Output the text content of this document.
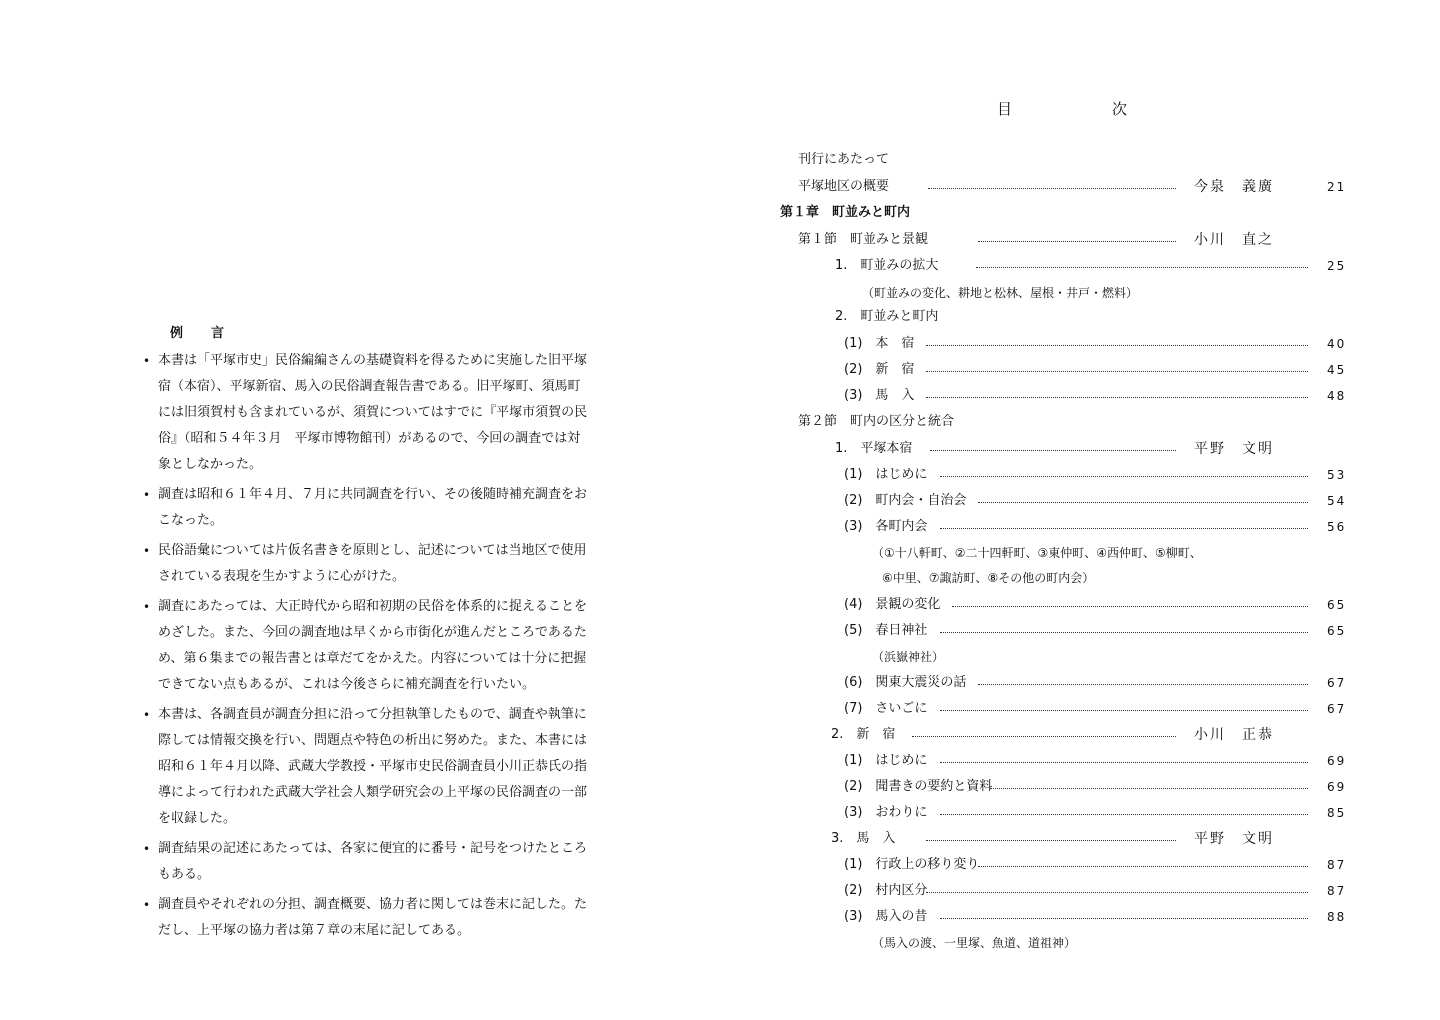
例 言
• 本書は「平塚市史」民俗編編さんの基礎資料を得るために実施した旧平塚
宿（本宿）、平塚新宿、馬入の民俗調査報告書である。旧平塚町、須馬町
には旧須賀村も含まれているが、須賀についてはすでに『平塚市須賀の民
俗』（昭和５４年３月　平塚市博物館刊）があるので、今回の調査では対
象としなかった。
• 調査は昭和６１年４月、７月に共同調査を行い、その後随時補充調査をお
こなった。
• 民俗語彙については片仮名書きを原則とし、記述については当地区で使用
されている表現を生かすように心がけた。
• 調査にあたっては、大正時代から昭和初期の民俗を体系的に捉えることを
めざした。また、今回の調査地は早くから市街化が進んだところであるた
め、第６集までの報告書とは章だてをかえた。内容については十分に把握
できてない点もあるが、これは今後さらに補充調査を行いたい。
• 本書は、各調査員が調査分担に沿って分担執筆したもので、調査や執筆に
際しては情報交換を行い、問題点や特色の析出に努めた。また、本書には
昭和６１年４月以降、武蔵大学教授・平塚市史民俗調査員小川正恭氏の指
導によって行われた武蔵大学社会人類学研究会の上平塚の民俗調査の一部
を収録した。
• 調査結果の記述にあたっては、各家に便宜的に番号・記号をつけたところ
もある。
• 調査員やそれぞれの分担、調査概要、協力者に関しては巻末に記した。た
だし、上平塚の協力者は第７章の末尾に記してある。
目	次
刊行にあたって
平塚地区の概要	今泉　義廣	21
第１章　町並みと町内
第１節　町並みと景観	小川　直之
1.　町並みの拡大	25
（町並みの変化、耕地と松林、屋根・井戸・燃料）
2.　町並みと町内
(1)　本　宿	40
(2)　新　宿	45
(3)　馬　入	48
第２節　町内の区分と統合
1.　平塚本宿	平野　文明
(1)　はじめに	53
(2)　町内会・自治会	54
(3)　各町内会	56
（①十八軒町、②二十四軒町、③東仲町、④西仲町、⑤柳町、
⑥中里、⑦諏訪町、⑧その他の町内会）
(4)　景観の変化	65
(5)　春日神社	65
（浜嶽神社）
(6)　関東大震災の話	67
(7)　さいごに	67
2.　新　宿	小川　正恭
(1)　はじめに	69
(2)　聞書きの要約と資料	69
(3)　おわりに	85
3.　馬　入	平野　文明
(1)　行政上の移り変り	87
(2)　村内区分	87
(3)　馬入の昔	88
（馬入の渡、一里塚、魚道、道祖神）
